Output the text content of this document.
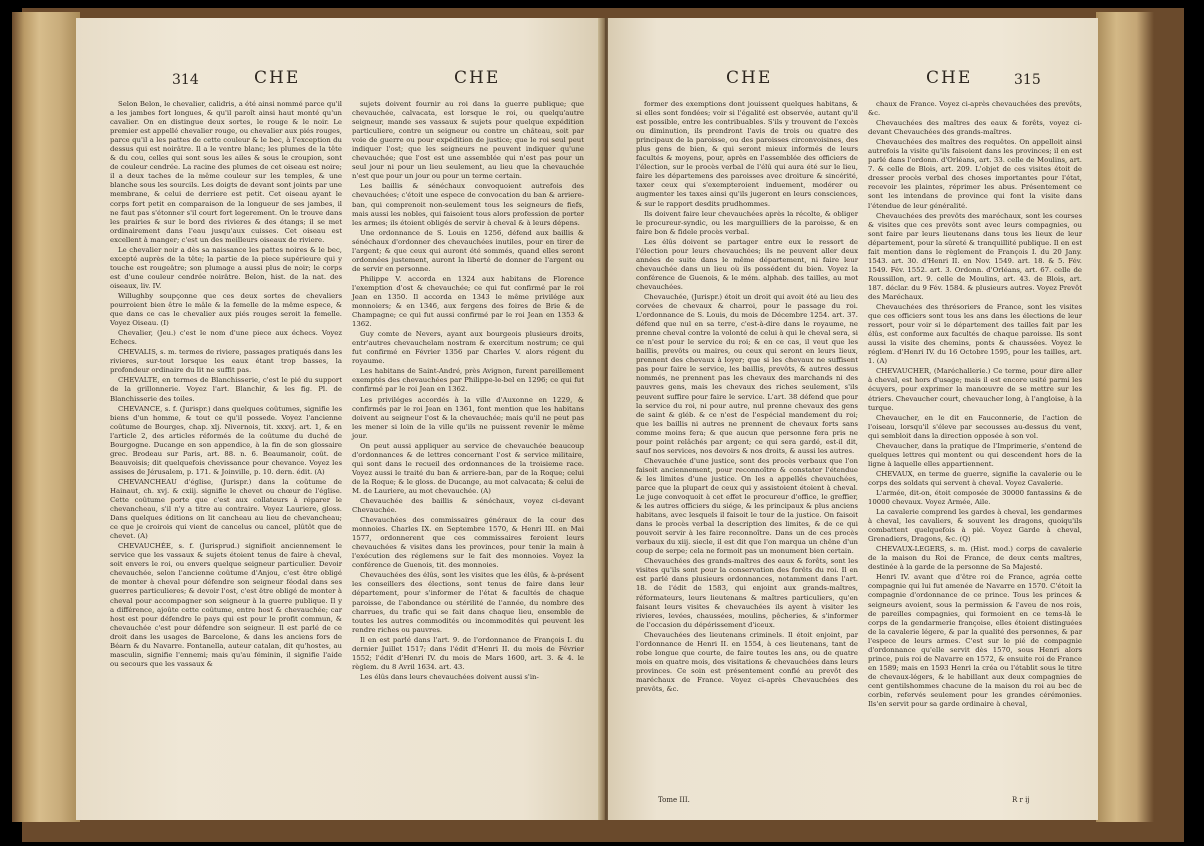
314	CHE	CHE

Selon Belon, le chevalier, calidris, a été ainsi nommé parce qu'il a les jambes fort longues, & qu'il paroît ainsi haut monté qu'un cavalier. On en distingue deux sortes, le rouge & le noir. Le premier est appellé chevalier rouge, ou chevalier aux piés rouges, parce qu'il a les pattes de cette couleur & le bec, à l'exception du dessus qui est noirâtre. Il a le ventre blanc; les plumes de la tête & du cou, celles qui sont sous les ailes & sous le croupion, sont de couleur cendrée. La racine des plumes de cet oiseau est noire; il a deux taches de la même couleur sur les temples, & une blanche sous les sourcils. Les doigts de devant sont joints par une membrane, & celui de derriere est petit. Cet oiseau ayant le corps fort petit en comparaison de la longueur de ses jambes, il ne faut pas s'étonner s'il court fort legerement. On le trouve dans les prairies & sur le bord des rivieres & des étangs; il se met ordinairement dans l'eau jusqu'aux cuisses. Cet oiseau est excellent à manger; c'est un des meilleurs oiseaux de riviere.

Le chevalier noir a dès sa naissance les pattes noires & le bec, excepté auprès de la tête; la partie de la piece supérieure qui y touche est rougeâtre; son plumage a aussi plus de noir; le corps est d'une couleur cendrée noirâtre. Belon, hist. de la nat. des oiseaux, liv. IV.

Willughby soupçonne que ces deux sortes de chevaliers pourroient bien être le mâle & la femelle de la même espece, & que dans ce cas le chevalier aux piés rouges seroit la femelle. Voyez Oiseau. (I)

Chevalier, (Jeu.) c'est le nom d'une piece aux échecs. Voyez Echecs.

CHEVALIS, s. m. termes de riviere, passages pratiqués dans les rivieres, sur-tout lorsque les eaux étant trop basses, la profondeur ordinaire du lit ne suffit pas.

CHEVALTE, en termes de Blanchisserie, c'est le pié du support de la grillonnerie. Voyez l'art. Blanchir, & les fig. Pl. de Blanchisserie des toiles.

CHEVANCE, s. f. (Jurispr.) dans quelques coûtumes, signifie les biens d'un homme, & tout ce qu'il possede. Voyez l'ancienne coûtume de Bourges, chap. xlj. Nivernois, tit. xxxvj. art. 1, & en l'article 2, des articles réformés de la coûtume du duché de Bourgogne. Ducange en son appendice, à la fin de son glossaire grec. Brodeau sur Paris, art. 88. n. 6. Beaumanoir, coût. de Beauvoisis; dit quelquefois chevissance pour chevance. Voyez les assises de Jérusalem, p. 171. & Joinville, p. 10. dern. édit. (A)

CHEVANCHEAU d'église, (Jurispr.) dans la coûtume de Hainaut, ch. xvj. & cxiij. signifie le chevet ou chœur de l'église. Cette coûtume porte que c'est aux collateurs à réparer le chevancheau, s'il n'y a titre au contraire. Voyez Lauriere, gloss. Dans quelques éditions on lit cancheau au lieu de chevancheau; ce que je croirois qui vient de cancelus ou cancel, plûtôt que de chevet. (A)

CHEVAUCHÉE, s. f. (Jurisprud.) signifioit anciennement le service que les vassaux & sujets étoient tenus de faire à cheval, soit envers le roi, ou envers quelque seigneur particulier. Devoir chevauchée, selon l'ancienne coûtume d'Anjou, c'est être obligé de monter à cheval pour défendre son seigneur féodal dans ses guerres particulieres; & devoir l'ost, c'est être obligé de monter à cheval pour accompagner son seigneur à la guerre publique. Il y a différence, ajoûte cette coûtume, entre host & chevauchée; car host est pour défendre le pays qui est pour le profit commun, & chevauchée c'est pour défendre son seigneur. Il est parlé de ce droit dans les usages de Barcelone, & dans les anciens fors de Béarn & du Navarre. Fontanella, auteur catalan, dit qu'hostes, au masculin, signifie l'ennemi; mais qu'au féminin, il signifie l'aide ou secours que les vassaux &

sujets doivent fournir au roi dans la guerre publique; que chevauchée, calvacata, est lorsque le roi, ou quelqu'autre seigneur, mande ses vassaux & sujets pour quelque expédition particuliere, contre un seigneur ou contre un château, soit par voie de guerre ou pour expédition de justice; que le roi seul peut indiquer l'ost; que les seigneurs ne peuvent indiquer qu'une chevauchée; que l'ost est une assemblée qui n'est pas pour un seul jour ni pour un lieu seulement, au lieu que la chevauchée n'est que pour un jour ou pour un terme certain.

Les baillis & sénéchaux convoquoient autrefois des chevauchées; c'étoit une espece de convocation du ban & arriere-ban, qui comprenoit non-seulement tous les seigneurs de fiefs, mais aussi les nobles, qui faisoient tous alors profession de porter les armes; ils étoient obligés de servir à cheval & à leurs dépens.

Une ordonnance de S. Louis en 1256, défend aux baillis & sénéchaux d'ordonner des chevauchées inutiles, pour en tirer de l'argent; & que ceux qui auront été sommés, quand elles seront ordonnées justement, auront la liberté de donner de l'argent ou de servir en personne.

Philippe V. accorda en 1324 aux habitans de Florence l'exemption d'ost & chevauchée; ce qui fut confirmé par le roi Jean en 1350. Il accorda en 1343 le même privilége aux monnoiers; & en 1346, aux fergens des foires de Brie & de Champagne; ce qui fut aussi confirmé par le roi Jean en 1353 & 1362.

Guy comte de Nevers, ayant aux bourgeois plusieurs droits, entr'autres chevauchelam nostram & exercitum nostrum; ce qui fut confirmé en Février 1356 par Charles V. alors régent du royaume.

Les habitans de Saint-André, près Avignon, furent pareillement exemptés des chevauchées par Philippe-le-bel en 1296; ce qui fut confirmé par le roi Jean en 1362.

Les priviléges accordés à la ville d'Auxonne en 1229, & confirmés par le roi Jean en 1361, font mention que les habitans doivent au seigneur l'ost & la chevauchée; mais qu'il ne peut pas les mener si loin de la ville qu'ils ne puissent revenir le même jour.

On peut aussi appliquer au service de chevauchée beaucoup d'ordonnances & de lettres concernant l'ost & service militaire, qui sont dans le recueil des ordonnances de la troisieme race. Voyez aussi le traité du ban & arriere-ban, par de la Roque; celui de la Roque; & le gloss. de Ducange, au mot calvacata; & celui de M. de Lauriere, au mot chevauchée. (A)

Chevauchée des baillis & sénéchaux, voyez ci-devant Chevauchée.

Chevauchées des commissaires généraux de la cour des monnoies. Charles IX. en Septembre 1570, & Henri III. en Mai 1577, ordonnerent que ces commissaires feroient leurs chevauchées & visites dans les provinces, pour tenir la main à l'exécution des réglemens sur le fait des monnoies. Voyez la conférence de Guenois, tit. des monnoies.

Chevauchées des élûs, sont les visites que les élûs, & à-présent les conseillers des élections, sont tenus de faire dans leur département, pour s'informer de l'état & facultés de chaque paroisse, de l'abondance ou stérilité de l'année, du nombre des charrues, du trafic qui se fait dans chaque lieu, ensemble de toutes les autres commodités ou incommodités qui peuvent les rendre riches ou pauvres.

Il en est parlé dans l'art. 9. de l'ordonnance de François I. du dernier Juillet 1517; dans l'édit d'Henri II. du mois de Février 1552; l'édit d'Henri IV. du mois de Mars 1600, art. 3. & 4. le règlem. du 8 Avril 1634. art. 43.

Les élûs dans leurs chevauchées doivent aussi s'in-

CHE	CHE	315

former des exemptions dont jouissent quelques habitans, & si elles sont fondées; voir si l'égalité est observée, autant qu'il est possible, entre les contribuables. S'ils y trouvent de l'excès ou diminution, ils prendront l'avis de trois ou quatre des principaux de la paroisse, ou des paroisses circonvoisines, des plus gens de bien, & qui seront mieux informés de leurs facultés & moyens, pour, après en l'assemblée des officiers de l'élection, sur le procès verbal de l'élû qui aura été sur le lieu, faire les départemens des paroisses avec droiture & sincérité, taxer ceux qui s'exempteroient induement, modérer ou augmenter les taxes ainsi qu'ils jugeront en leurs consciences, & sur le rapport desdits prudhommes.

Ils doivent faire leur chevauchées après la récolte, & obliger le procureur-syndic, ou les marguilliers de la paroisse, & en faire bon & fidele procès verbal.

Les élûs doivent se partager entre eux le ressort de l'élection pour leurs chevauchées; ils ne peuvent aller deux années de suite dans le même département, ni faire leur chevauchée dans un lieu où ils possédent du bien. Voyez la conférence de Guenois, & le mém. alphab. des tailles, au mot chevauchées.

Chevauchée, (Jurispr.) étoit un droit qui avoit été au lieu des corvées de chevaux & charroi, pour le passage du roi. L'ordonnance de S. Louis, du mois de Décembre 1254. art. 37. défend que nul en sa terre, c'est-à-dire dans le royaume, ne prenne cheval contre la volonté de celui à qui le cheval sera, si ce n'est pour le service du roi; & en ce cas, il veut que les baillis, prevôts ou maires, ou ceux qui seront en leurs lieux, prennent des chevaux à loyer; que si les chevaux ne suffisent pas pour faire le service, les baillis, prevôts, & autres dessus nommés, ne prennent pas les chevaux des marchands ni des pauvres gens, mais les chevaux des riches seulement, s'ils peuvent suffire pour faire le service. L'art. 38 défend que pour la service du roi, ni pour autre, nul prenne chevaux des gens de saint & gléb. & ce n'est de l'espécial mandement du roi; que les baillis ni autres ne prennent de chevaux forts sans comme moins fera; & que aucun que personne fera pris ne pour point relâchés par argent; ce qui sera gardé, est-il dit, sauf nos services, nos devoirs & nos droits, & aussi les autres.

Chevauchée d'une justice, sont des procès verbaux que l'on faisoit anciennement, pour reconnoître & constater l'étendue & les limites d'une justice. On les a appellés chevauchées, parce que la plupart de ceux qui y assistoient étoient à cheval. Le juge convoquoit à cet effet le procureur d'office, le greffier, & les autres officiers du siége, & les principaux & plus anciens habitans, avec lesquels il faisoit le tour de la justice. On faisoit dans le procès verbal la description des limites, & de ce qui pouvoit servir à les faire reconnoître. Dans un de ces procès verbaux du xiij. siecle, il est dit que l'on marqua un chêne d'un coup de serpe; cela ne formoit pas un monument bien certain.

Chevauchées des grands-maîtres des eaux & forêts, sont les visites qu'ils sont pour la conservation des forêts du roi. Il en est parlé dans plusieurs ordonnances, notamment dans l'art. 18. de l'édit de 1583, qui enjoint aux grands-maîtres, réformateurs, leurs lieutenans & maîtres particuliers, qu'en faisant leurs visites & chevauchées ils ayent à visiter les rivieres, levées, chaussées, moulins, pêcheries, & s'informer de l'occasion du dépérissement d'iceux.

Chevauchées des lieutenans criminels. Il étoit enjoint, par l'ordonnance de Henri II. en 1554, à ces lieutenans, tant de robe longue que courte, de faire toutes les ans, ou de quatre mois en quatre mois, des visitations & chevauchées dans leurs provinces. Ce soin est présentement confié au prevôt des maréchaux de France. Voyez ci-après Chevauchées des prevôts, &c.

chaux de France. Voyez ci-après chevauchées des prevôts, &c.

Chevauchées des maîtres des eaux & forêts, voyez ci-devant Chevauchées des grands-maîtres.

Chevauchées des maîtres des requêtes. On appelloit ainsi autrefois la visite qu'ils faisoient dans les provinces; il en est parlé dans l'ordonn. d'Orléans, art. 33. celle de Moulins, art. 7. & celle de Blois, art. 209. L'objet de ces visites étoit de dresser procès verbal des choses importantes pour l'état, recevoir les plaintes, réprimer les abus. Présentement ce sont les intendans de province qui font la visite dans l'étendue de leur généralité.

Chevauchées des prevôts des maréchaux, sont les courses & visites que ces prevôts sont avec leurs compagnies, ou sont faire par leurs lieutenans dans tous les lieux de leur département, pour la sûreté & tranquillité publique. Il en est fait mention dans le règlement de François I. du 20 Jany. 1543. art. 30. d'Henri II. en Nov. 1549. art. 18. & 5. Fév. 1549. Fév. 1552. art. 3. Ordonn. d'Orléans, art. 67. celle de Roussillon, art. 9. celle de Moulins, art. 43. de Blois, art. 187. déclar. du 9 Fév. 1584. & plusieurs autres. Voyez Prevôt des Maréchaux.

Chevauchées des thrésoriers de France, sont les visites que ces officiers sont tous les ans dans les élections de leur ressort, pour voir si le département des tailles fait par les élûs, est conforme aux facultés de chaque paroisse. Ils sont aussi la visite des chemins, ponts & chaussées. Voyez le réglem. d'Henri IV. du 16 Octobre 1595, pour les tailles, art. 1. (A)

CHEVAUCHER, (Maréchallerie.) Ce terme, pour dire aller à cheval, est hors d'usage; mais il est encore usité parmi les écuyers, pour exprimer la manœuvre de se mettre sur les étriers. Chevaucher court, chevaucher long, à l'angloise, à la turque.

Chevaucher, en le dit en Fauconnerie, de l'action de l'oiseau, lorsqu'il s'éleve par secousses au-dessus du vent, qui sembloit dans la direction opposée à son vol.

Chevaucher, dans la pratique de l'Imprimerie, s'entend de quelques lettres qui montent ou qui descendent hors de la ligne à laquelle elles appartiennent.

CHEVAUX, en terme de guerre, signifie la cavalerie ou le corps des soldats qui servent à cheval. Voyez Cavalerie.

L'armée, dit-on, étoit composée de 30000 fantassins & de 10000 chevaux. Voyez Armée, Aile.

La cavalerie comprend les gardes à cheval, les gendarmes à cheval, les cavaliers, & souvent les dragons, quoiqu'ils combattent quelquefois à pié. Voyez Garde à cheval, Grenadiers, Dragons, &c. (Q)

CHEVAUX-LEGERS, s. m. (Hist. mod.) corps de cavalerie de la maison du Roi de France, de deux cents maîtres, destinée à la garde de la personne de Sa Majesté.

Henri IV. avant que d'être roi de France, agréa cette compagnie qui lui fut amenée de Navarre en 1570. C'étoit la compagnie d'ordonnance de ce prince. Tous les princes & seigneurs avoient, sous la permission & l'aveu de nos rois, de pareilles compagnies, qui formoient en ce tems-là le corps de la gendarmerie françoise, elles étoient distinguées de la cavalerie légere, & par la qualité des personnes, & par l'espece de leurs armes. C'est sur le pié de compagnie d'ordonnance qu'elle servit dès 1570, sous Henri alors prince, puis roi de Navarre en 1572, & ensuite roi de France en 1589; mais en 1593 Henri la créa ou l'établit sous le titre de chevaux-légers, & le habillant aux deux compagnies de cent gentilshommes chacune de la maison du roi au bec de corbin, refervés seulement pour les grandes cérémonies. Ils'en servit pour sa garde ordinaire à cheval,

Tome III.	R r ij
